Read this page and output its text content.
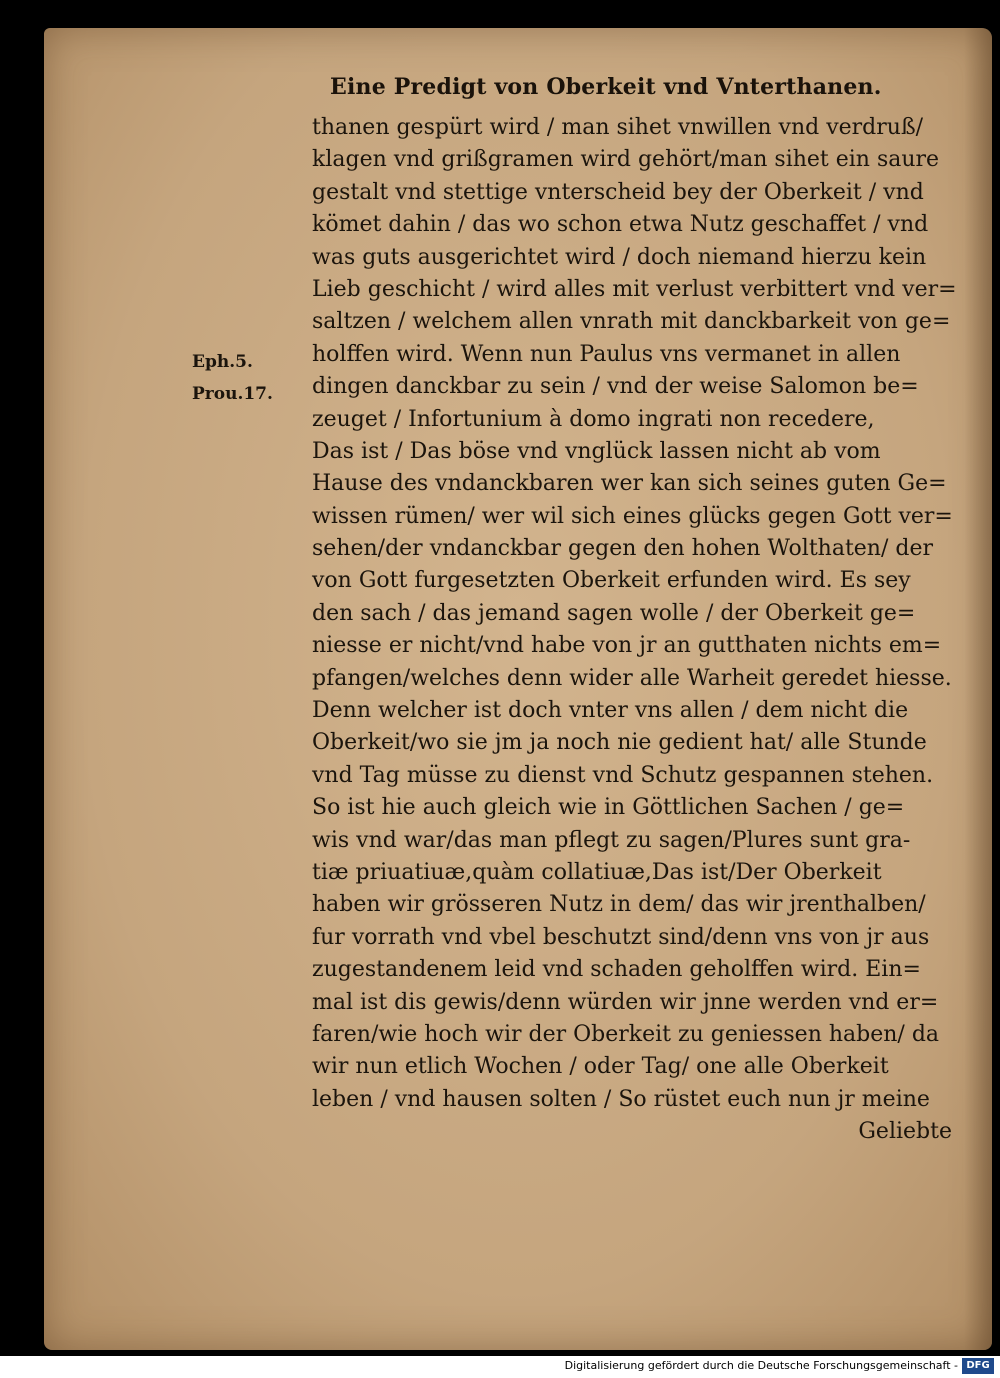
Eine Predigt von Oberkeit vnd Vnterthanen.
Eph.5.
Prou.17.
thanen gespürt wird / man sihet vnwillen vnd verdruß/
klagen vnd grißgramen wird gehört/man sihet ein saure
gestalt vnd stettige vnterscheid bey der Oberkeit / vnd
kömet dahin / das wo schon etwa Nutz geschaffet / vnd
was guts ausgerichtet wird / doch niemand hierzu kein
Lieb geschicht / wird alles mit verlust verbittert vnd ver=
saltzen / welchem allen vnrath mit danckbarkeit von ge=
holffen wird. Wenn nun Paulus vns vermanet in allen
dingen danckbar zu sein / vnd der weise Salomon be=
zeuget / Infortunium à domo ingrati non recedere,
Das ist / Das böse vnd vnglück lassen nicht ab vom
Hause des vndanckbaren wer kan sich seines guten Ge=
wissen rümen/ wer wil sich eines glücks gegen Gott ver=
sehen/der vndanckbar gegen den hohen Wolthaten/ der
von Gott furgesetzten Oberkeit erfunden wird. Es sey
den sach / das jemand sagen wolle / der Oberkeit ge=
niesse er nicht/vnd habe von jr an gutthaten nichts em=
pfangen/welches denn wider alle Warheit geredet hiesse.
Denn welcher ist doch vnter vns allen / dem nicht die
Oberkeit/wo sie jm ja noch nie gedient hat/ alle Stunde
vnd Tag müsse zu dienst vnd Schutz gespannen stehen.
So ist hie auch gleich wie in Göttlichen Sachen / ge=
wis vnd war/das man pflegt zu sagen/Plures sunt gra-
tiæ priuatiuæ,quàm collatiuæ,Das ist/Der Oberkeit
haben wir grösseren Nutz in dem/ das wir jrenthalben/
fur vorrath vnd vbel beschutzt sind/denn vns von jr aus
zugestandenem leid vnd schaden geholffen wird. Ein=
mal ist dis gewis/denn würden wir jnne werden vnd er=
faren/wie hoch wir der Oberkeit zu geniessen haben/ da
wir nun etlich Wochen / oder Tag/ one alle Oberkeit
leben / vnd hausen solten / So rüstet euch nun jr meine
Geliebte
Digitalisierung gefördert durch die Deutsche Forschungsgemeinschaft - DFG
